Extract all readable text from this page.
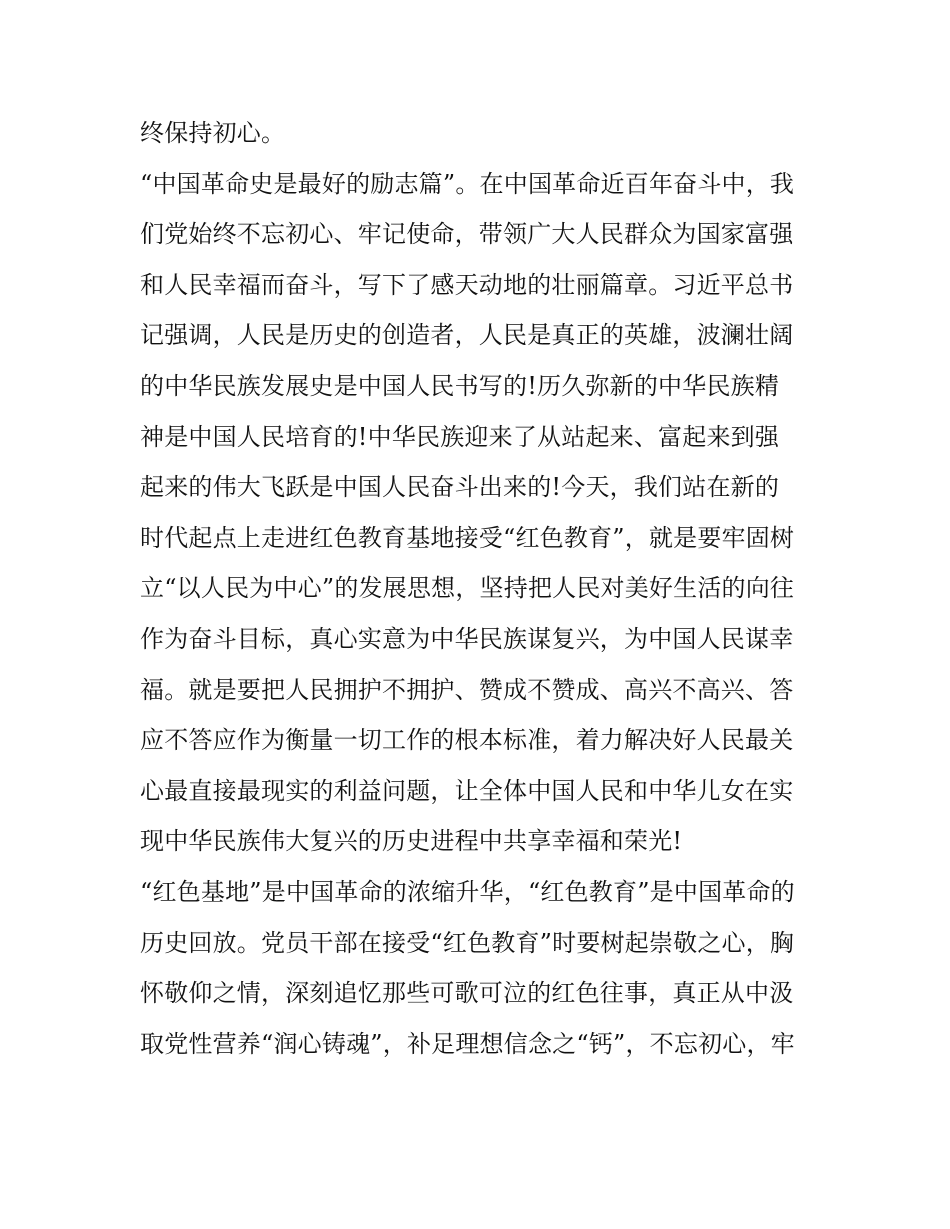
终保持初心。
“中国革命史是最好的励志篇”。在中国革命近百年奋斗中，我
们党始终不忘初心、牢记使命，带领广大人民群众为国家富强
和人民幸福而奋斗，写下了感天动地的壮丽篇章。习近平总书
记强调，人民是历史的创造者，人民是真正的英雄，波澜壮阔
的中华民族发展史是中国人民书写的!历久弥新的中华民族精
神是中国人民培育的!中华民族迎来了从站起来、富起来到强
起来的伟大飞跃是中国人民奋斗出来的!今天，我们站在新的
时代起点上走进红色教育基地接受“红色教育”，就是要牢固树
立“以人民为中心”的发展思想，坚持把人民对美好生活的向往
作为奋斗目标，真心实意为中华民族谋复兴，为中国人民谋幸
福。就是要把人民拥护不拥护、赞成不赞成、高兴不高兴、答
应不答应作为衡量一切工作的根本标准，着力解决好人民最关
心最直接最现实的利益问题，让全体中国人民和中华儿女在实
现中华民族伟大复兴的历史进程中共享幸福和荣光!
“红色基地”是中国革命的浓缩升华，“红色教育”是中国革命的
历史回放。党员干部在接受“红色教育”时要树起崇敬之心，胸
怀敬仰之情，深刻追忆那些可歌可泣的红色往事，真正从中汲
取党性营养“润心铸魂”，补足理想信念之“钙”，不忘初心，牢
